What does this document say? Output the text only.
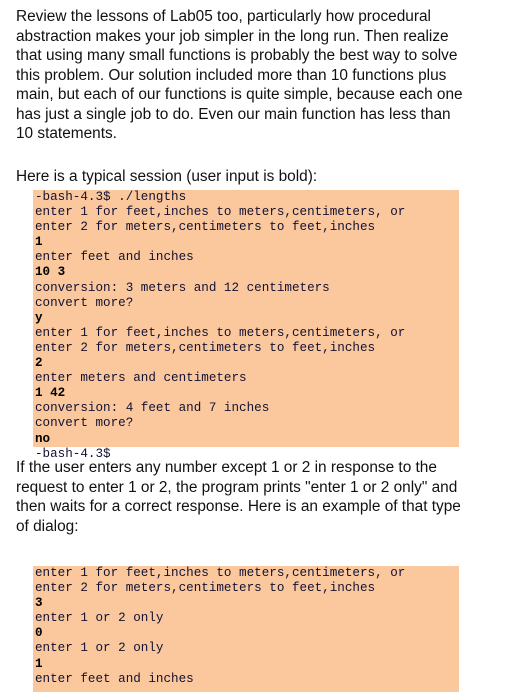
Review the lessons of Lab05 too, particularly how procedural
abstraction makes your job simpler in the long run. Then realize
that using many small functions is probably the best way to solve
this problem. Our solution included more than 10 functions plus
main, but each of our functions is quite simple, because each one
has just a single job to do. Even our main function has less than
10 statements.
Here is a typical session (user input is bold):
-bash-4.3$ ./lengths
enter 1 for feet,inches to meters,centimeters, or
enter 2 for meters,centimeters to feet,inches
1
enter feet and inches
10 3
conversion: 3 meters and 12 centimeters
convert more?
y
enter 1 for feet,inches to meters,centimeters, or
enter 2 for meters,centimeters to feet,inches
2
enter meters and centimeters
1 42
conversion: 4 feet and 7 inches
convert more?
no
-bash-4.3$
If the user enters any number except 1 or 2 in response to the
request to enter 1 or 2, the program prints "enter 1 or 2 only" and
then waits for a correct response. Here is an example of that type
of dialog:
enter 1 for feet,inches to meters,centimeters, or
enter 2 for meters,centimeters to feet,inches
3
enter 1 or 2 only
0
enter 1 or 2 only
1
enter feet and inches
